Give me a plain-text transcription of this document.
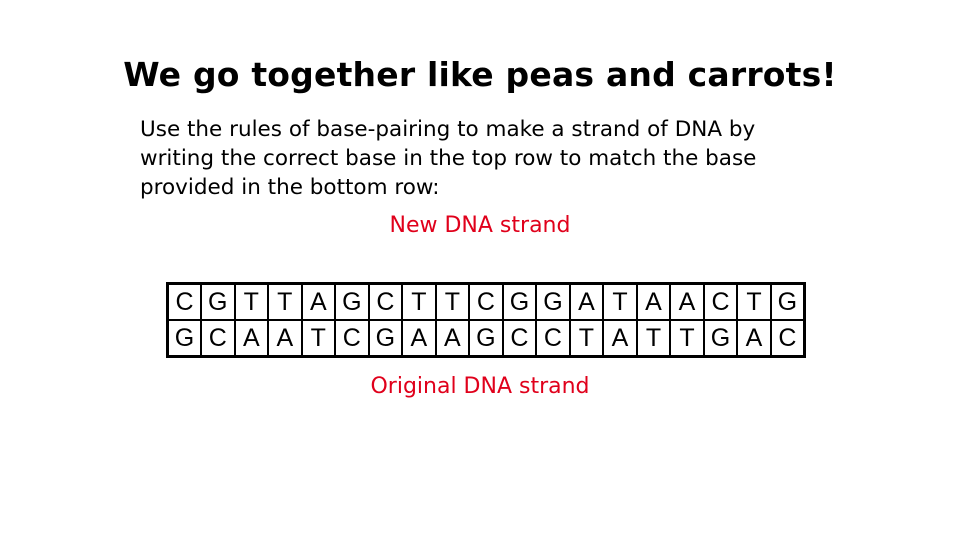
We go together like peas and carrots!
Use the rules of base-pairing to make a strand of DNA by writing the correct base in the top row to match the base provided in the bottom row:
New DNA strand
C	G	T	T	A	G	C	T	T	C	G	G	A	T	A	A	C	T	G
G	C	A	A	T	C	G	A	A	G	C	C	T	A	T	T	G	A	C
Original DNA strand
